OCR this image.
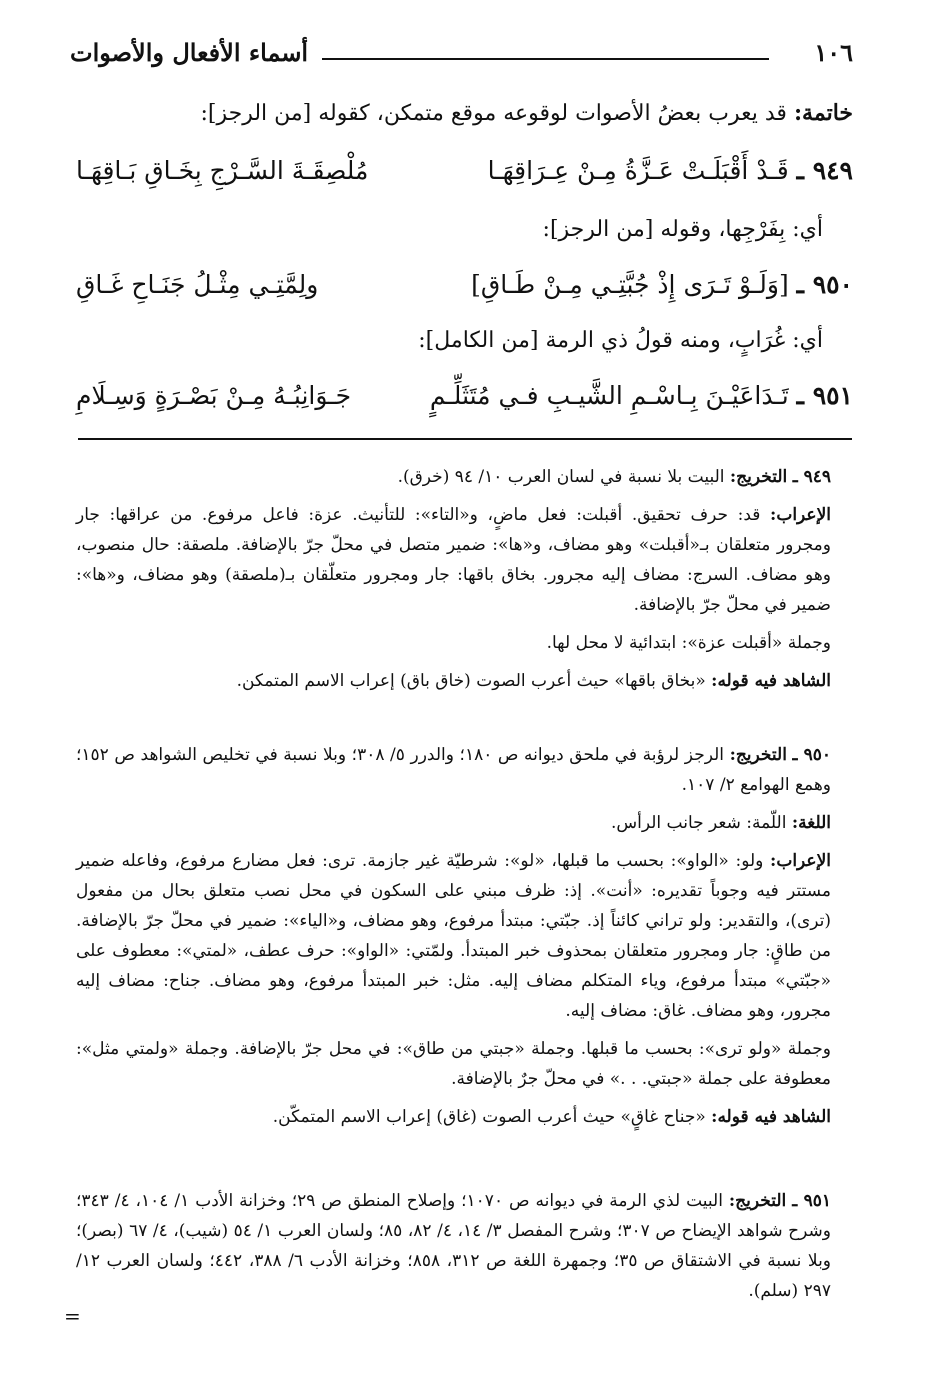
١٠٦
أسماء الأفعال والأصوات
خاتمة: قد يعرب بعضُ الأصوات لوقوعه موقع متمكن، كقوله [من الرجز]:
٩٤٩ ـ قَـدْ أَقْبَلَـتْ عَـزَّةُ مِـنْ عِـرَاقِهَـا
مُلْصِقَـةَ السَّـرْجِ بِخَـاقِ بَـاقِهَـا
أي: بِفَرْجِها، وقوله [من الرجز]:
٩٥٠ ـ [وَلَـوْ تَـرَى إِذْ جُبَّتِـي مِـنْ طَـاقِ]
ولِمَّتِـي مِثْـلُ جَنَـاحِ غَـاقِ
أي: غُرَابٍ، ومنه قولُ ذي الرمة [من الكامل]:
٩٥١ ـ تَـدَاعَيْـنَ بِـاسْـمِ الشَّيـبِ فـي مُتَثَلِّـمٍ
جَـوَانِبُـهُ مِـنْ بَصْـرَةٍ وَسِـلَامِ

٩٤٩ ـ التخريج: البيت بلا نسبة في لسان العرب ١٠/ ٩٤ (خرق).

الإعراب: قد: حرف تحقيق. أقبلت: فعل ماضٍ، و«التاء»: للتأنيث. عزة: فاعل مرفوع. من عراقها: جار ومجرور متعلقان بـ«أقبلت» وهو مضاف، و«ها»: ضمير متصل في محلّ جرّ بالإضافة. ملصقة: حال منصوب، وهو مضاف. السرج: مضاف إليه مجرور. بخاق باقها: جار ومجرور متعلّقان بـ(ملصقة) وهو مضاف، و«ها»: ضمير في محلّ جرّ بالإضافة.

وجملة «أقبلت عزة»: ابتدائية لا محل لها.

الشاهد فيه قوله: «بخاق باقها» حيث أعرب الصوت (خاق باق) إعراب الاسم المتمكن.

٩٥٠ ـ التخريج: الرجز لرؤبة في ملحق ديوانه ص ١٨٠؛ والدرر ٥/ ٣٠٨؛ وبلا نسبة في تخليص الشواهد ص ١٥٢؛ وهمع الهوامع ٢/ ١٠٧.

اللغة: اللّمة: شعر جانب الرأس.

الإعراب: ولو: «الواو»: بحسب ما قبلها، «لو»: شرطيّة غير جازمة. ترى: فعل مضارع مرفوع، وفاعله ضمير مستتر فيه وجوباً تقديره: «أنت». إذ: ظرف مبني على السكون في محل نصب متعلق بحال من مفعول (ترى)، والتقدير: ولو تراني كائناً إذ. جبّتي: مبتدأ مرفوع، وهو مضاف، و«الياء»: ضمير في محلّ جرّ بالإضافة. من طاقٍ: جار ومجرور متعلقان بمحذوف خبر المبتدأ. ولمّتي: «الواو»: حرف عطف، «لمتي»: معطوف على «جبّتي» مبتدأ مرفوع، وياء المتكلم مضاف إليه. مثل: خبر المبتدأ مرفوع، وهو مضاف. جناح: مضاف إليه مجرور، وهو مضاف. غاق: مضاف إليه.

وجملة «ولو ترى»: بحسب ما قبلها. وجملة «جبتي من طاق»: في محل جرّ بالإضافة. وجملة «ولمتي مثل»: معطوفة على جملة «جبتي. . .» في محلّ جرٌ بالإضافة.

الشاهد فيه قوله: «جناح غاقٍ» حيث أعرب الصوت (غاق) إعراب الاسم المتمكّن.

٩٥١ ـ التخريج: البيت لذي الرمة في ديوانه ص ١٠٧٠؛ وإصلاح المنطق ص ٢٩؛ وخزانة الأدب ١/ ١٠٤، ٤/ ٣٤٣؛ وشرح شواهد الإيضاح ص ٣٠٧؛ وشرح المفصل ٣/ ١٤، ٤/ ٨٢، ٨٥؛ ولسان العرب ١/ ٥٤ (شيب)، ٤/ ٦٧ (بصر)؛ وبلا نسبة في الاشتقاق ص ٣٥؛ وجمهرة اللغة ص ٣١٢، ٨٥٨؛ وخزانة الأدب ٦/ ٣٨٨، ٤٤٢؛ ولسان العرب ١٢/ ٢٩٧ (سلم).

=
